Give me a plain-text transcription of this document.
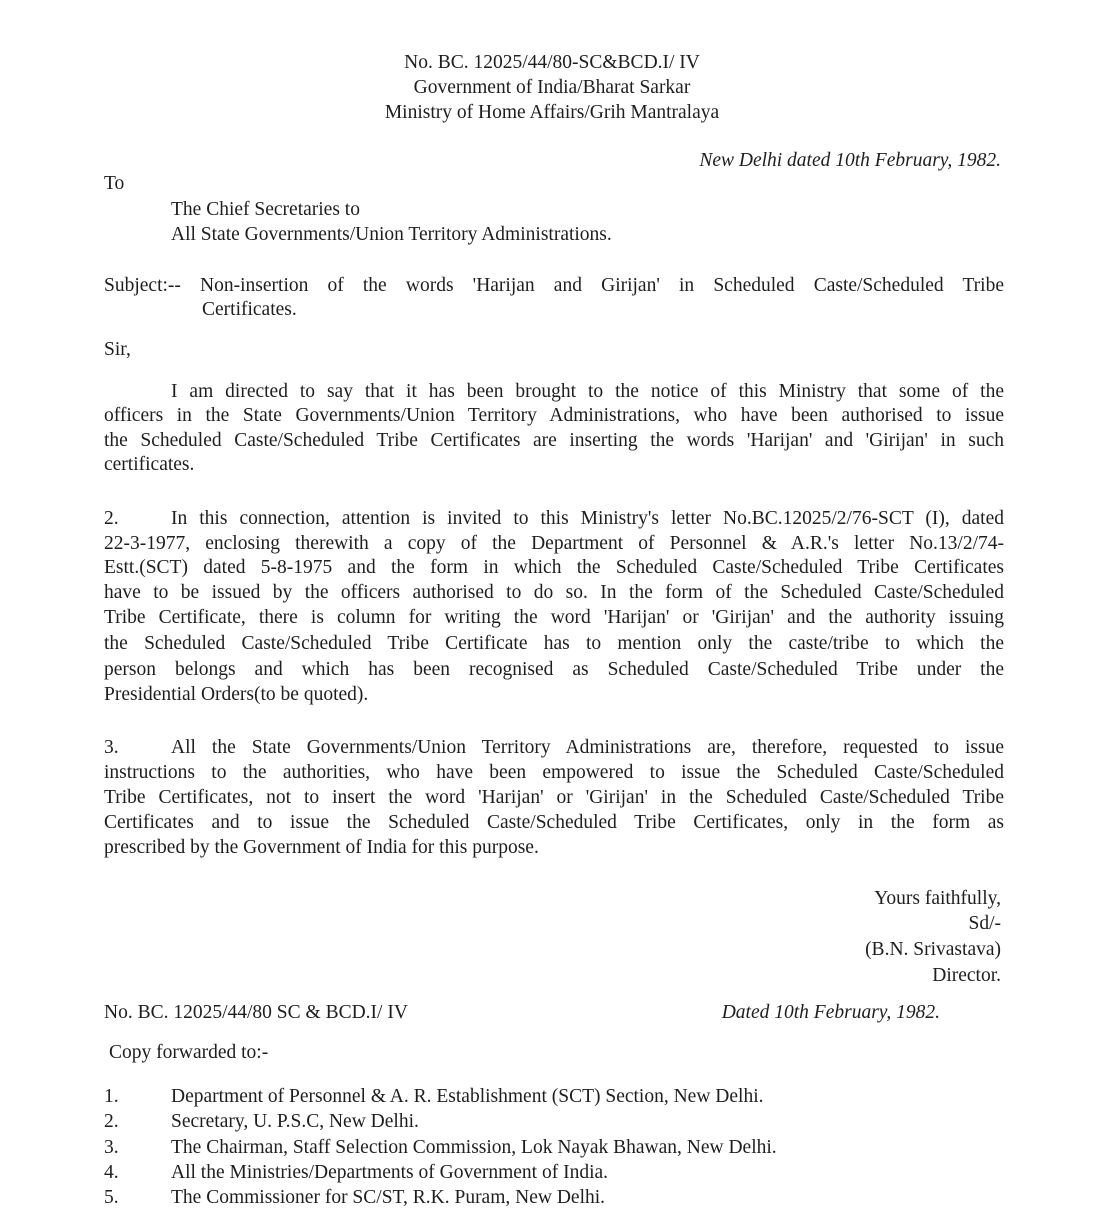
No. BC. 12025/44/80-SC&BCD.I/ IV
Government of India/Bharat Sarkar
Ministry of Home Affairs/Grih Mantralaya
New Delhi dated 10th February, 1982.
To
The Chief Secretaries to
All State Governments/Union Territory Administrations.
Subject:-- Non-insertion of the words 'Harijan and Girijan' in Scheduled Caste/Scheduled Tribe
Certificates.
Sir,
I am directed to say that it has been brought to the notice of this Ministry that some of the
officers in the State Governments/Union Territory Administrations, who have been authorised to issue
the Scheduled Caste/Scheduled Tribe Certificates are inserting the words 'Harijan' and 'Girijan' in such
certificates.
2.	In this connection, attention is invited to this Ministry's letter No.BC.12025/2/76-SCT (I), dated
22-3-1977, enclosing therewith a copy of the Department of Personnel & A.R.'s letter No.13/2/74-
Estt.(SCT) dated 5-8-1975 and the form in which the Scheduled Caste/Scheduled Tribe Certificates
have to be issued by the officers authorised to do so. In the form of the Scheduled Caste/Scheduled
Tribe Certificate, there is column for writing the word 'Harijan' or 'Girijan' and the authority issuing
the Scheduled Caste/Scheduled Tribe Certificate has to mention only the caste/tribe to which the
person belongs and which has been recognised as Scheduled Caste/Scheduled Tribe under the
Presidential Orders(to be quoted).
3.	All the State Governments/Union Territory Administrations are, therefore, requested to issue
instructions to the authorities, who have been empowered to issue the Scheduled Caste/Scheduled
Tribe Certificates, not to insert the word 'Harijan' or 'Girijan' in the Scheduled Caste/Scheduled Tribe
Certificates and to issue the Scheduled Caste/Scheduled Tribe Certificates, only in the form as
prescribed by the Government of India for this purpose.
Yours faithfully,
Sd/-
(B.N. Srivastava)
Director.
No. BC. 12025/44/80 SC & BCD.I/ IV	Dated 10th February, 1982.
Copy forwarded to:-
1.	Department of Personnel & A. R. Establishment (SCT) Section, New Delhi.
2.	Secretary, U. P.S.C, New Delhi.
3.	The Chairman, Staff Selection Commission, Lok Nayak Bhawan, New Delhi.
4.	All the Ministries/Departments of Government of India.
5.	The Commissioner for SC/ST, R.K. Puram, New Delhi.
